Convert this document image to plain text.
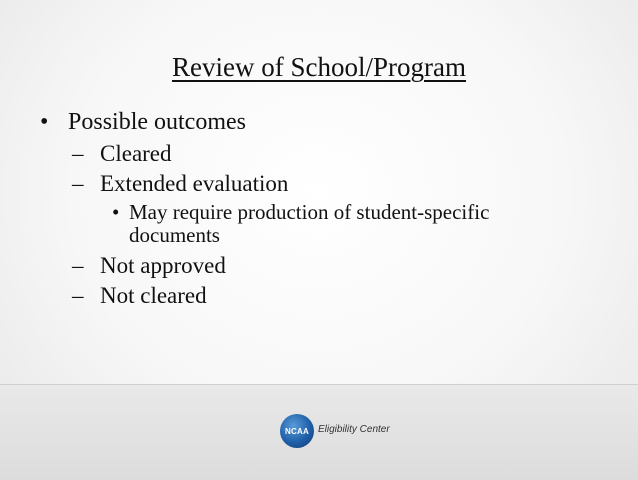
Review of School/Program
• Possible outcomes
– Cleared
– Extended evaluation
• May require production of student-specific documents
– Not approved
– Not cleared
NCAA Eligibility Center
